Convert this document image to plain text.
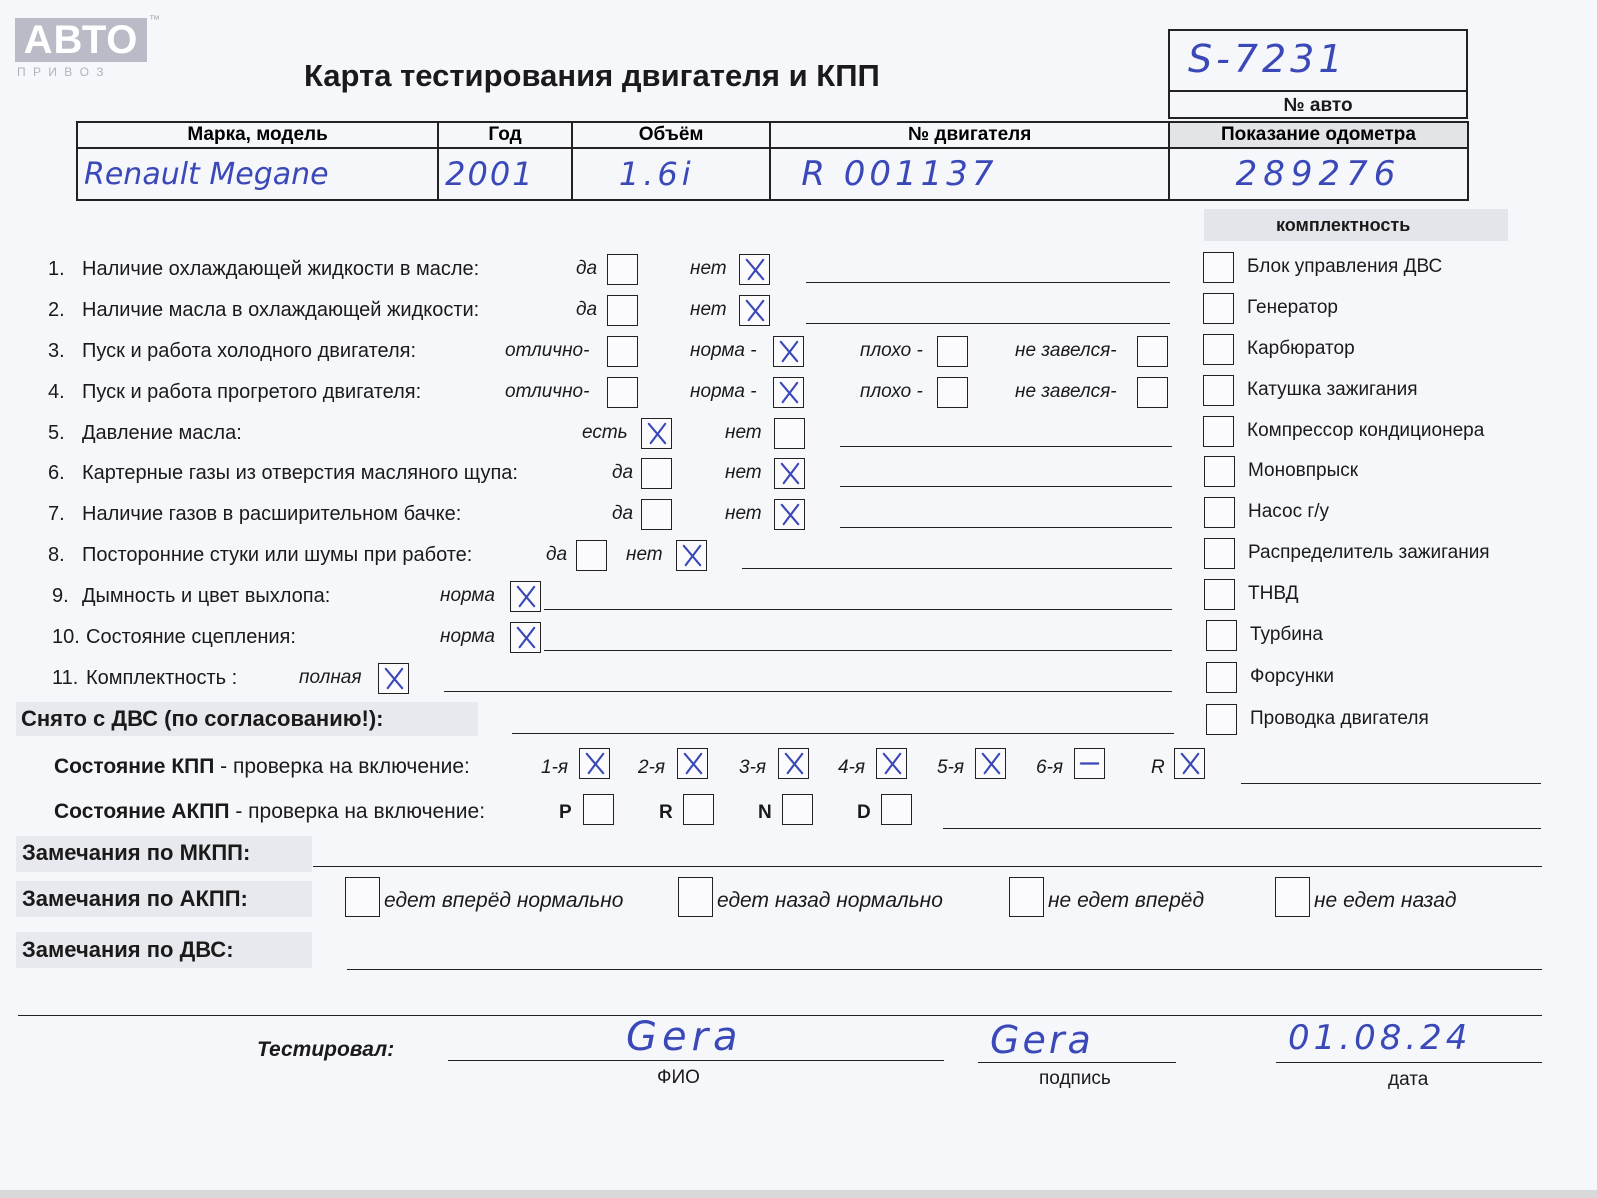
АВТО ™
П Р И В О З	Карта тестирования двигателя и КПП	S-7231
№ авто
Марка, модель	Год	Объём	№ двигателя	Показание одометра

Renault Megane	2001	1.6i	R 001137	289276
комплектность
1. Наличие охлаждающей жидкости в масле:	да	нет
2. Наличие масла в охлаждающей жидкости:	да	нет
3. Пуск и работа холодного двигателя:	отлично-	норма -	плохо -	не завелся-
4. Пуск и работа прогретого двигателя:	отлично-	норма -	плохо -	не завелся-
5. Давление масла:	есть	нет
6. Картерные газы из отверстия масляного щупа:	да	нет
7. Наличие газов в расширительном бачке:	да	нет
8. Посторонние стуки или шумы при работе:	да	нет
9. Дымность и цвет выхлопа:	норма
10. Состояние сцепления:	норма
11. Комплектность :	полная
Блок управления ДВС
Генератор
Карбюратор
Катушка зажигания
Компрессор кондиционера
Моновпрыск
Насос г/у
Распределитель зажигания
ТНВД
Турбина
Форсунки
Проводка двигателя
Снято с ДВС (по согласованию!):
Состояние КПП - проверка на включение:	1-я	2-я	3-я	4-я	5-я	6-я	R
Состояние АКПП - проверка на включение:	P	R	N	D
Замечания по МКПП:
Замечания по АКПП:	едет вперёд нормально	едет назад нормально	не едет вперёд	не едет назад
Замечания по ДВС:
Тестировал:	Gera
ФИО
Gera
подпись
01.08.24
дата
